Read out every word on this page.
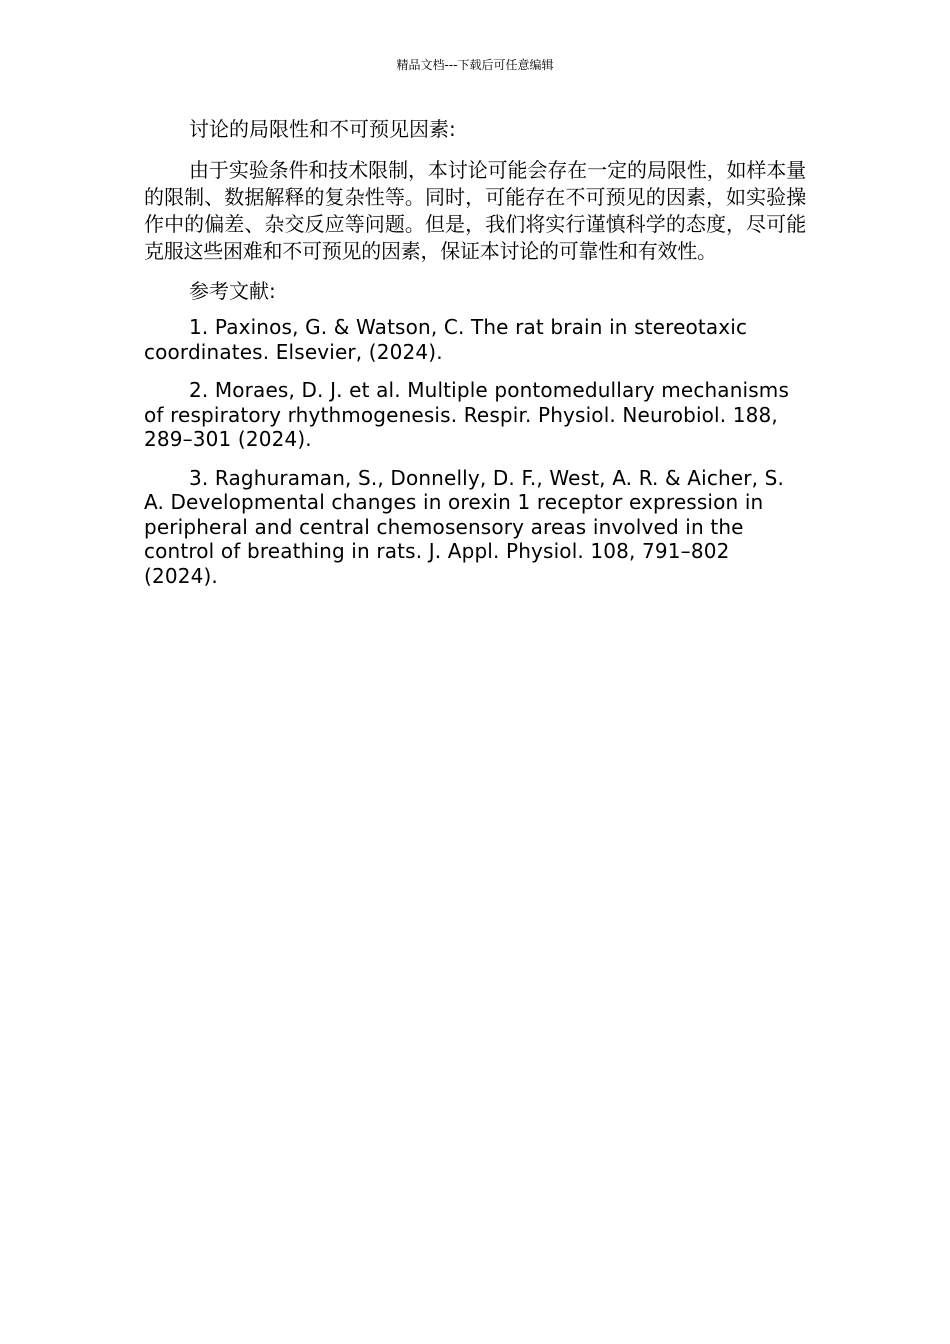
精品文档---下载后可任意编辑

讨论的局限性和不可预见因素:

由于实验条件和技术限制，本讨论可能会存在一定的局限性，如样本量的限制、数据解释的复杂性等。同时，可能存在不可预见的因素，如实验操作中的偏差、杂交反应等问题。但是，我们将实行谨慎科学的态度，尽可能克服这些困难和不可预见的因素，保证本讨论的可靠性和有效性。

参考文献:

1. Paxinos, G. & Watson, C. The rat brain in stereotaxic coordinates. Elsevier, (2024).

2. Moraes, D. J. et al. Multiple pontomedullary mechanisms of respiratory rhythmogenesis. Respir. Physiol. Neurobiol. 188, 289–301 (2024).

3. Raghuraman, S., Donnelly, D. F., West, A. R. & Aicher, S. A. Developmental changes in orexin 1 receptor expression in peripheral and central chemosensory areas involved in the control of breathing in rats. J. Appl. Physiol. 108, 791–802 (2024).
